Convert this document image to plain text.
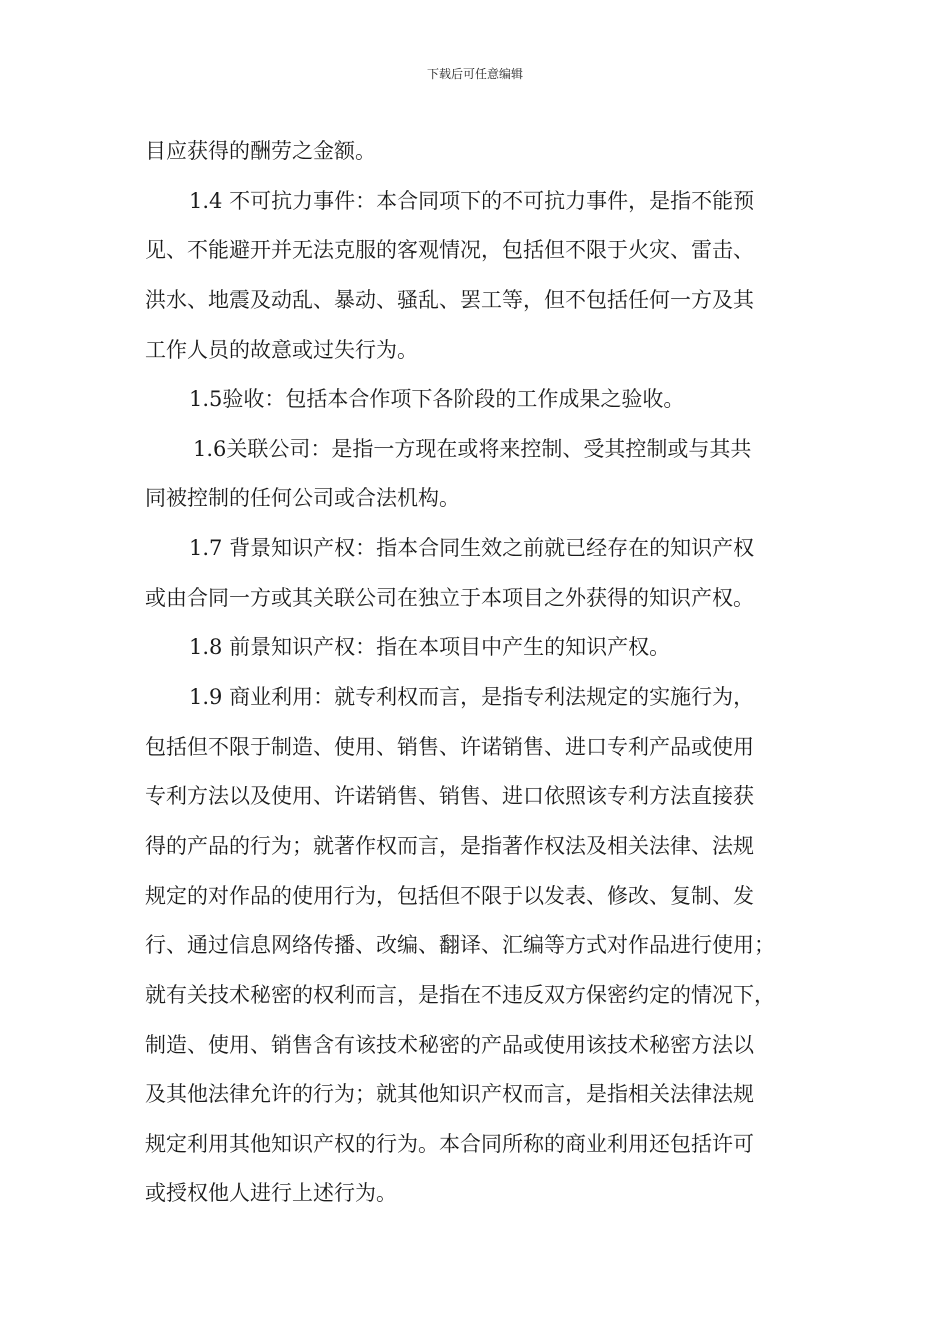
下载后可任意编辑
目应获得的酬劳之金额。
1.4 不可抗力事件：本合同项下的不可抗力事件，是指不能预
见、不能避开并无法克服的客观情况，包括但不限于火灾、雷击、
洪水、地震及动乱、暴动、骚乱、罢工等，但不包括任何一方及其
工作人员的故意或过失行为。
1.5验收：包括本合作项下各阶段的工作成果之验收。
1.6关联公司：是指一方现在或将来控制、受其控制或与其共
同被控制的任何公司或合法机构。
1.7 背景知识产权：指本合同生效之前就已经存在的知识产权
或由合同一方或其关联公司在独立于本项目之外获得的知识产权。
1.8 前景知识产权：指在本项目中产生的知识产权。
1.9 商业利用：就专利权而言，是指专利法规定的实施行为，
包括但不限于制造、使用、销售、许诺销售、进口专利产品或使用
专利方法以及使用、许诺销售、销售、进口依照该专利方法直接获
得的产品的行为；就著作权而言，是指著作权法及相关法律、法规
规定的对作品的使用行为，包括但不限于以发表、修改、复制、发
行、通过信息网络传播、改编、翻译、汇编等方式对作品进行使用；
就有关技术秘密的权利而言，是指在不违反双方保密约定的情况下，
制造、使用、销售含有该技术秘密的产品或使用该技术秘密方法以
及其他法律允许的行为；就其他知识产权而言，是指相关法律法规
规定利用其他知识产权的行为。本合同所称的商业利用还包括许可
或授权他人进行上述行为。
